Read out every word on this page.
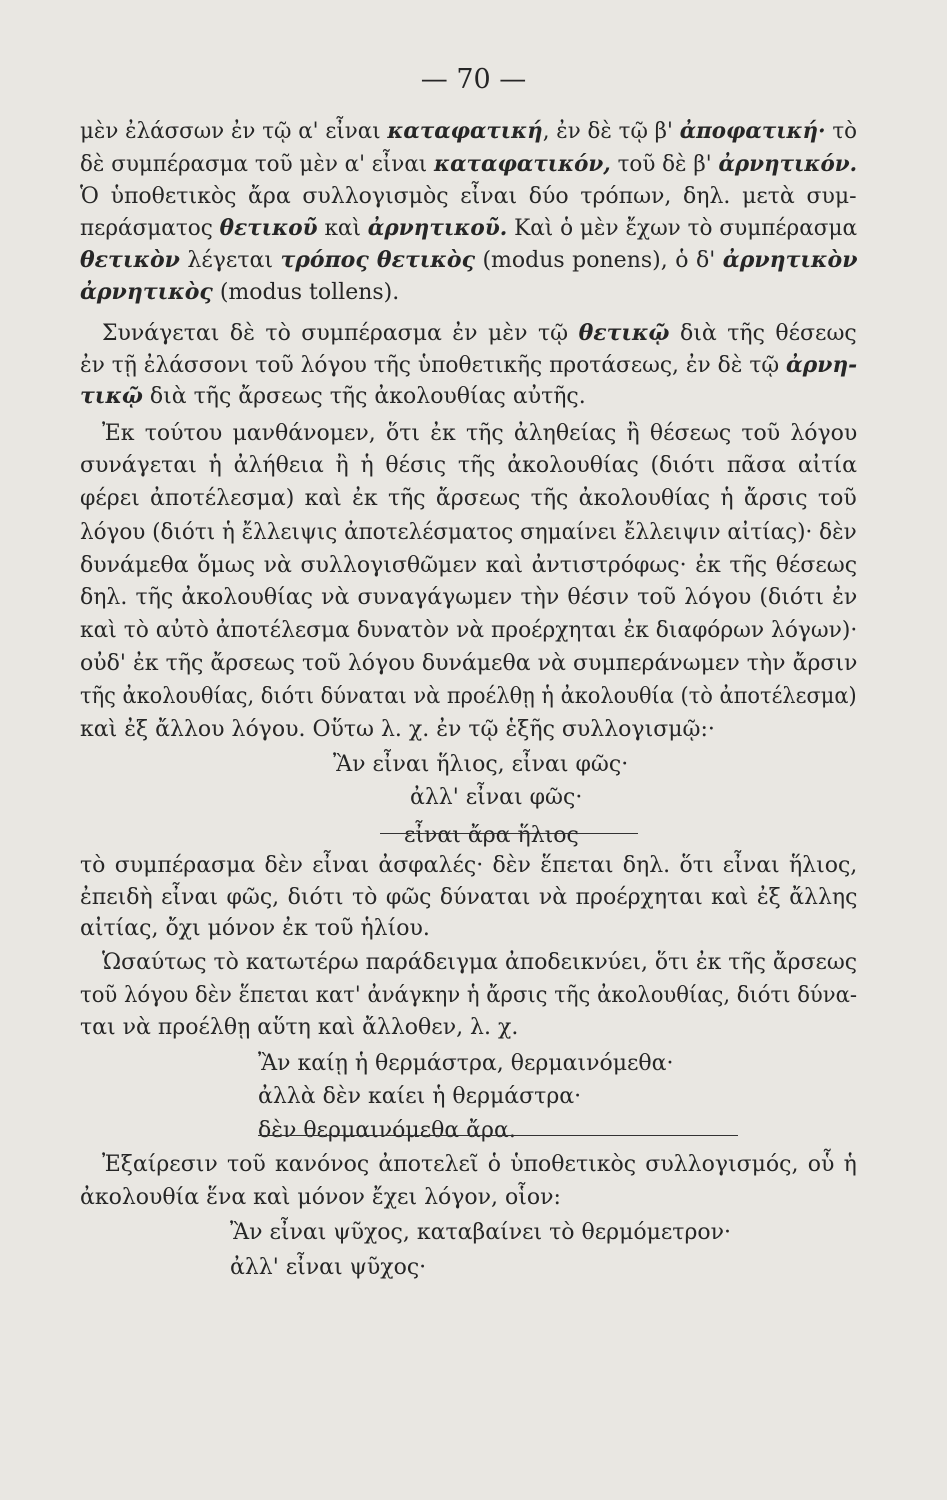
— 70 —
μὲν ἐλάσσων ἐν τῷ α' εἶναι καταφατική, ἐν δὲ τῷ β' ἀποφατική· τὸ
δὲ συμπέρασμα τοῦ μὲν α' εἶναι καταφατικόν, τοῦ δὲ β' ἀρνητικόν.
Ὁ ὑποθετικὸς ἄρα συλλογισμὸς εἶναι δύο τρόπων, δηλ. μετὰ συμ-
περάσματος θετικοῦ καὶ ἀρνητικοῦ. Καὶ ὁ μὲν ἔχων τὸ συμπέρασμα
θετικὸν λέγεται τρόπος θετικὸς (modus ponens), ὁ δ' ἀρνητικὸν
ἀρνητικὸς (modus tollens).
Συνάγεται δὲ τὸ συμπέρασμα ἐν μὲν τῷ θετικῷ διὰ τῆς θέσεως
ἐν τῇ ἐλάσσονι τοῦ λόγου τῆς ὑποθετικῆς προτάσεως, ἐν δὲ τῷ ἀρνη-
τικῷ διὰ τῆς ἄρσεως τῆς ἀκολουθίας αὐτῆς.
Ἐκ τούτου μανθάνομεν, ὅτι ἐκ τῆς ἀληθείας ἢ θέσεως τοῦ λόγου
συνάγεται ἡ ἀλήθεια ἢ ἡ θέσις τῆς ἀκολουθίας (διότι πᾶσα αἰτία
φέρει ἀποτέλεσμα) καὶ ἐκ τῆς ἄρσεως τῆς ἀκολουθίας ἡ ἄρσις τοῦ
λόγου (διότι ἡ ἔλλειψις ἀποτελέσματος σημαίνει ἔλλειψιν αἰτίας)· δὲν
δυνάμεθα ὅμως νὰ συλλογισθῶμεν καὶ ἀντιστρόφως· ἐκ τῆς θέσεως
δηλ. τῆς ἀκολουθίας νὰ συναγάγωμεν τὴν θέσιν τοῦ λόγου (διότι ἐν
καὶ τὸ αὐτὸ ἀποτέλεσμα δυνατὸν νὰ προέρχηται ἐκ διαφόρων λόγων)·
οὐδ' ἐκ τῆς ἄρσεως τοῦ λόγου δυνάμεθα νὰ συμπεράνωμεν τὴν ἄρσιν
τῆς ἀκολουθίας, διότι δύναται νὰ προέλθῃ ἡ ἀκολουθία (τὸ ἀποτέλεσμα)
καὶ ἐξ ἄλλου λόγου. Οὕτω λ. χ. ἐν τῷ ἑξῆς συλλογισμῷ:·
Ἂν εἶναι ἥλιος, εἶναι φῶς·
ἀλλ' εἶναι φῶς·
εἶναι ἄρα ἥλιος
τὸ συμπέρασμα δὲν εἶναι ἀσφαλές· δὲν ἕπεται δηλ. ὅτι εἶναι ἥλιος,
ἐπειδὴ εἶναι φῶς, διότι τὸ φῶς δύναται νὰ προέρχηται καὶ ἐξ ἄλλης
αἰτίας, ὄχι μόνον ἐκ τοῦ ἡλίου.
Ὡσαύτως τὸ κατωτέρω παράδειγμα ἀποδεικνύει, ὅτι ἐκ τῆς ἄρσεως
τοῦ λόγου δὲν ἕπεται κατ' ἀνάγκην ἡ ἄρσις τῆς ἀκολουθίας, διότι δύνα-
ται νὰ προέλθῃ αὕτη καὶ ἄλλοθεν, λ. χ.
Ἂν καίῃ ἡ θερμάστρα, θερμαινόμεθα·
ἀλλὰ δὲν καίει ἡ θερμάστρα·
δὲν θερμαινόμεθα ἄρα.
Ἐξαίρεσιν τοῦ κανόνος ἀποτελεῖ ὁ ὑποθετικὸς συλλογισμός, οὗ ἡ
ἀκολουθία ἕνα καὶ μόνον ἔχει λόγον, οἷον:
Ἂν εἶναι ψῦχος, καταβαίνει τὸ θερμόμετρον·
ἀλλ' εἶναι ψῦχος·
